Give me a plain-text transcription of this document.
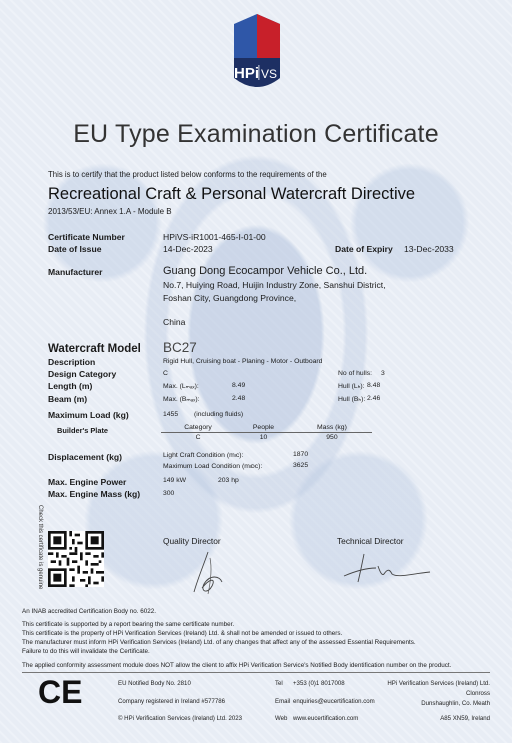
HPi VS
EU Type Examination Certificate
This is to certify that the product listed below conforms to the requirements of the
Recreational Craft & Personal Watercraft Directive
2013/53/EU: Annex 1.A - Module B
Certificate Number	HPiVS-iR1001-465-I-01-00
Date of Issue	14-Dec-2023	Date of Expiry 13-Dec-2033
Manufacturer	Guang Dong Ecocampor Vehicle Co., Ltd.
No.7, Huiying Road, Huijin Industry Zone, Sanshui District,
Foshan City, Guangdong Province,
China
Watercraft Model BC27
Description	Rigid Hull, Cruising boat - Planing - Motor - Outboard
Design Category	C	No of hulls: 3
Length (m)	Max. (Lₘₐₓ):	8.49	Hull (Lₕ): 8.48
Beam (m)	Max. (Bₘₐₓ):	2.48	Hull (Bₕ): 2.46
Maximum Load (kg)	1455 (including fluids)
Builder's Plate	Category	People	Mass (kg)
C	10	950
Displacement (kg)	Light Craft Condition (mₗᴄ):	1870
Maximum Load Condition (mₗᴅᴄ):	3625
Max. Engine Power	149 kW	203 hp
Max. Engine Mass (kg)	300
Check this certificate is genuine	Quality Director	Technical Director
An INAB accredited Certification Body no. 6022.
This certificate is supported by a report bearing the same certificate number.
This certificate is the property of HPi Verification Services (Ireland) Ltd. & shall not be amended or issued to others.
The manufacturer must inform HPi Verification Services (Ireland) Ltd. of any changes that affect any of the assessed Essential Requirements.
Failure to do this will invalidate the Certificate.
The applied conformity assessment module does NOT allow the client to affix HPi Verification Service's Notified Body identification number on the product.
CE	EU Notified Body No. 2810
Company registered in Ireland #577786
© HPi Verification Services (Ireland) Ltd. 2023
Tel +353 (0)1 8017008
Email enquiries@eucertification.com
Web www.eucertification.com
HPi Verification Services (Ireland) Ltd.
Clonross
Dunshaughlin, Co. Meath
A85 XN59, Ireland
